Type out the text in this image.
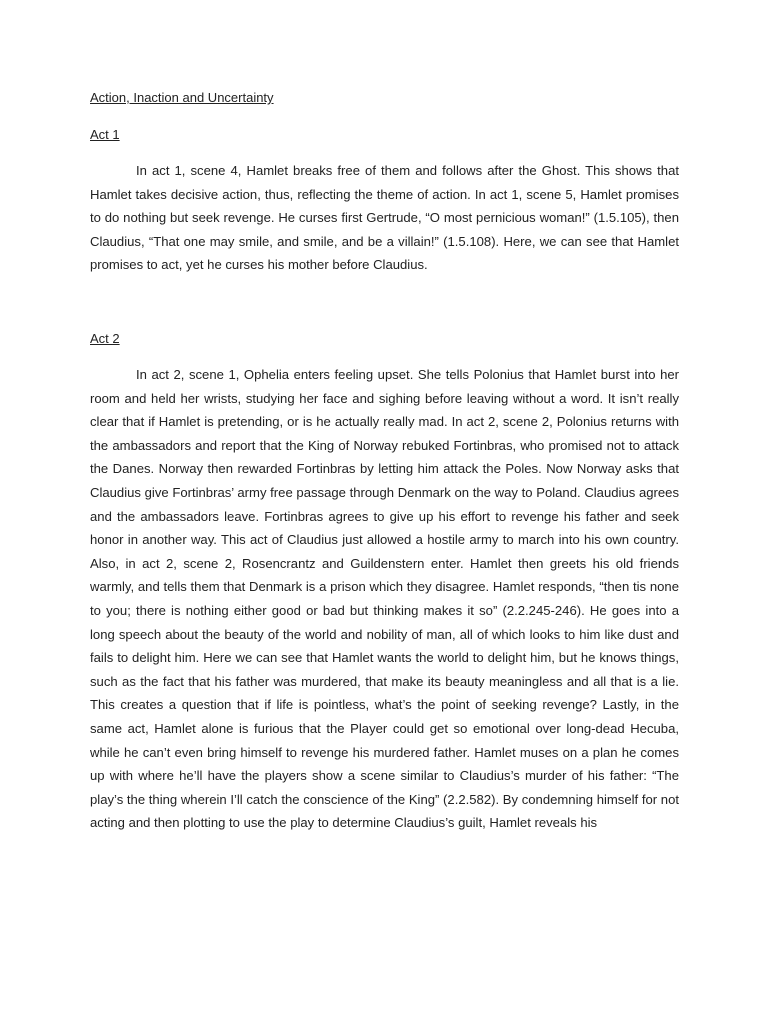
Action, Inaction and Uncertainty
Act 1

In act 1, scene 4, Hamlet breaks free of them and follows after the Ghost. This shows that Hamlet takes decisive action, thus, reflecting the theme of action. In act 1, scene 5, Hamlet promises to do nothing but seek revenge. He curses first Gertrude, “O most pernicious woman!” (1.5.105), then Claudius, “That one may smile, and smile, and be a villain!” (1.5.108). Here, we can see that Hamlet promises to act, yet he curses his mother before Claudius.

Act 2

In act 2, scene 1, Ophelia enters feeling upset. She tells Polonius that Hamlet burst into her room and held her wrists, studying her face and sighing before leaving without a word. It isn’t really clear that if Hamlet is pretending, or is he actually really mad. In act 2, scene 2, Polonius returns with the ambassadors and report that the King of Norway rebuked Fortinbras, who promised not to attack the Danes. Norway then rewarded Fortinbras by letting him attack the Poles. Now Norway asks that Claudius give Fortinbras’ army free passage through Denmark on the way to Poland. Claudius agrees and the ambassadors leave. Fortinbras agrees to give up his effort to revenge his father and seek honor in another way. This act of Claudius just allowed a hostile army to march into his own country. Also, in act 2, scene 2, Rosencrantz and Guildenstern enter. Hamlet then greets his old friends warmly, and tells them that Denmark is a prison which they disagree. Hamlet responds, “then tis none to you; there is nothing either good or bad but thinking makes it so” (2.2.245-246). He goes into a long speech about the beauty of the world and nobility of man, all of which looks to him like dust and fails to delight him. Here we can see that Hamlet wants the world to delight him, but he knows things, such as the fact that his father was murdered, that make its beauty meaningless and all that is a lie. This creates a question that if life is pointless, what’s the point of seeking revenge? Lastly, in the same act, Hamlet alone is furious that the Player could get so emotional over long-dead Hecuba, while he can’t even bring himself to revenge his murdered father. Hamlet muses on a plan he comes up with where he’ll have the players show a scene similar to Claudius’s murder of his father: “The play’s the thing wherein I’ll catch the conscience of the King” (2.2.582). By condemning himself for not acting and then plotting to use the play to determine Claudius’s guilt, Hamlet reveals his
